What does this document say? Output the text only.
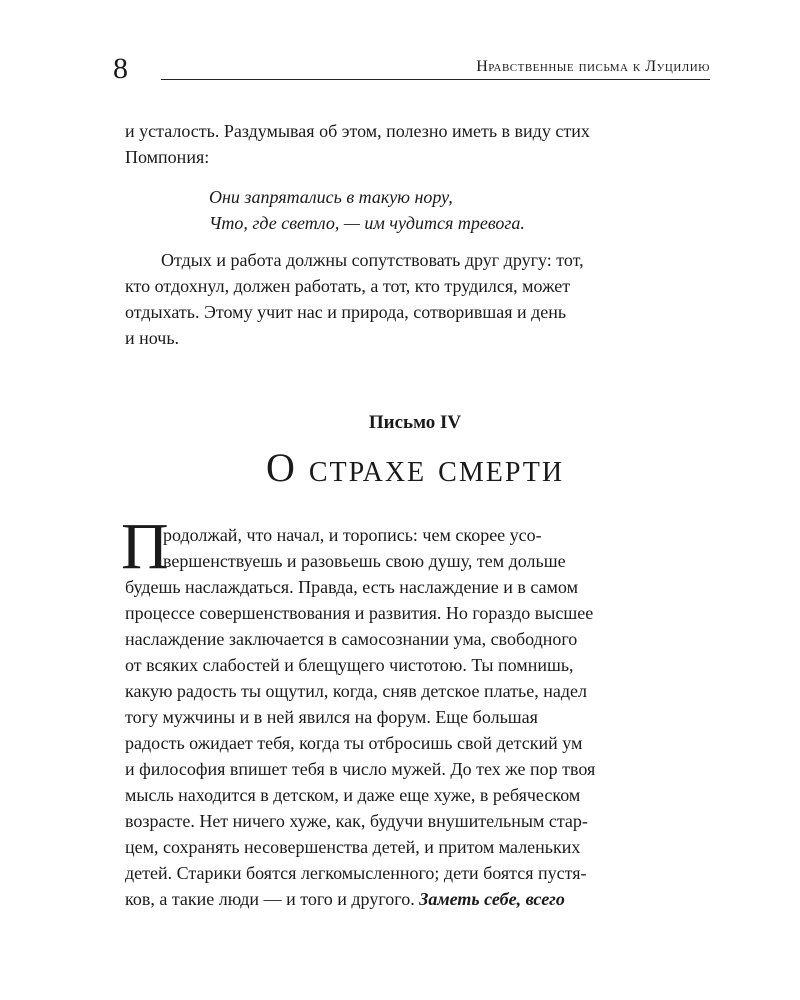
8	Нравственные письма к Луцилию
и усталость. Раздумывая об этом, полезно иметь в виду стих
Помпония:
Они запрятались в такую нору,
Что, где светло, — им чудится тревога.
Отдых и работа должны сопутствовать друг другу: тот,
кто отдохнул, должен работать, а тот, кто трудился, может
отдыхать. Этому учит нас и природа, сотворившая и день
и ночь.
Письмо IV
О страхе смерти
П
родолжай, что начал, и торопись: чем скорее усо-
вершенствуешь и разовьешь свою душу, тем дольше
будешь наслаждаться. Правда, есть наслаждение и в самом
процессе совершенствования и развития. Но гораздо высшее
наслаждение заключается в самосознании ума, свободного
от всяких слабостей и блещущего чистотою. Ты помнишь,
какую радость ты ощутил, когда, сняв детское платье, надел
тогу мужчины и в ней явился на форум. Еще большая
радость ожидает тебя, когда ты отбросишь свой детский ум
и философия впишет тебя в число мужей. До тех же пор твоя
мысль находится в детском, и даже еще хуже, в ребяческом
возрасте. Нет ничего хуже, как, будучи внушительным стар-
цем, сохранять несовершенства детей, и притом маленьких
детей. Старики боятся легкомысленного; дети боятся пустя-
ков, а такие люди — и того и другого. Заметь себе, всего
